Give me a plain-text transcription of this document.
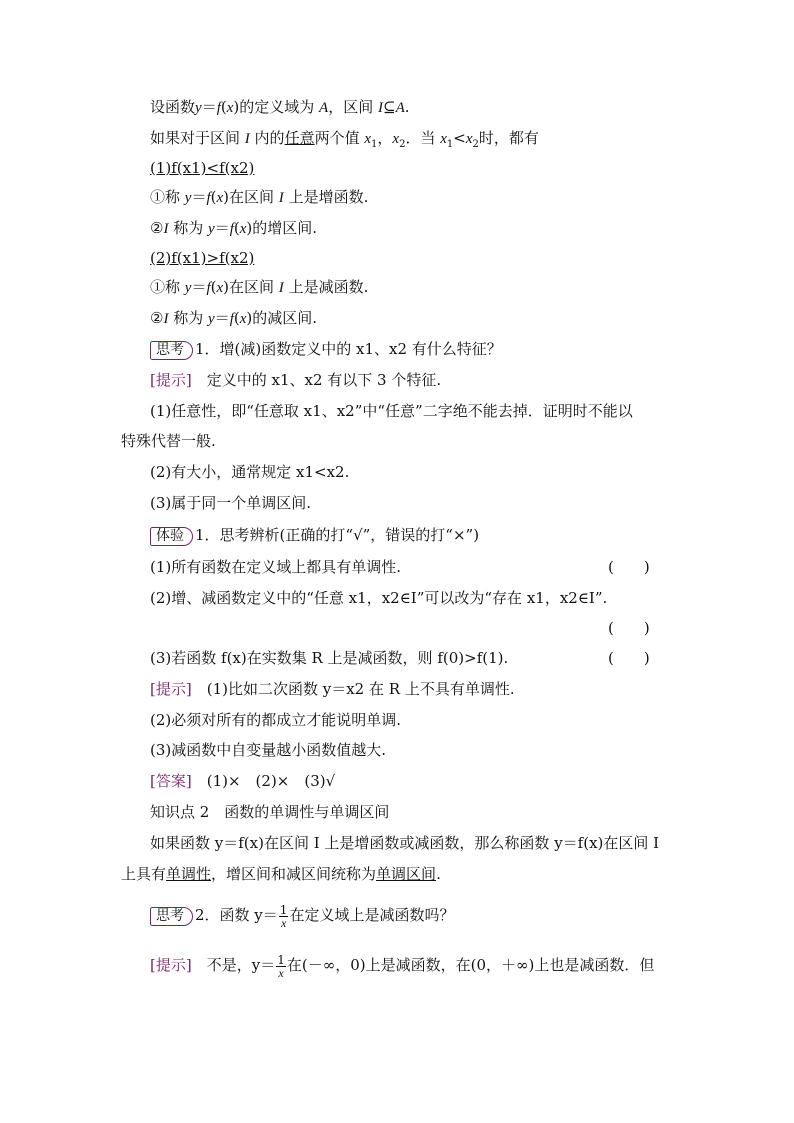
设函数y＝f(x)的定义域为 A，区间 I⊆A.
如果对于区间 I 内的任意两个值 $x_1$，$x_2$．当 $x_1<x_2$时，都有
(1)f(x1)<f(x2)
①称 y＝f(x)在区间 I 上是增函数.
②I 称为 y＝f(x)的增区间.
(2)f(x1)>f(x2)
①称 y＝f(x)在区间 I 上是减函数.
②I 称为 y＝f(x)的减区间.
思考 1．增(减)函数定义中的 x1、x2 有什么特征？
[提示]　 定义中的 x1、x2 有以下 3 个特征.
(1)任意性，即“任意取 x1、x2”中“任意”二字绝不能去掉．证明时不能以
特殊代替一般.
(2)有大小，通常规定 x1<x2.
(3)属于同一个单调区间.
体验 1．思考辨析(正确的打“√”，错误的打“×”)
(1)所有函数在定义域上都具有单调性.	(　　)
(2)增、减函数定义中的“任意 x1，x2∈I”可以改为“存在 x1，x2∈I”.
(　　)
(3)若函数 f(x)在实数集 R 上是减函数，则 f(0)>f(1).	(　　)
[提示]　 (1)比如二次函数 y＝x2 在 R 上不具有单调性.
(2)必须对所有的都成立才能说明单调.
(3)减函数中自变量越小函数值越大.
[答案]　 (1)×　(2)×　(3)√
知识点 2　函数的单调性与单调区间
如果函数 y＝f(x)在区间 I 上是增函数或减函数，那么称函数 y＝f(x)在区间 I
上具有单调性，增区间和减区间统称为单调区间.
思考 2．函数 $y= \frac{1}{x}$ 在定义域上是减函数吗？
[提示]　 不是，$y= \frac{1}{x}$ 在(－∞，0)上是减函数，在(0，＋∞)上也是减函数．但
